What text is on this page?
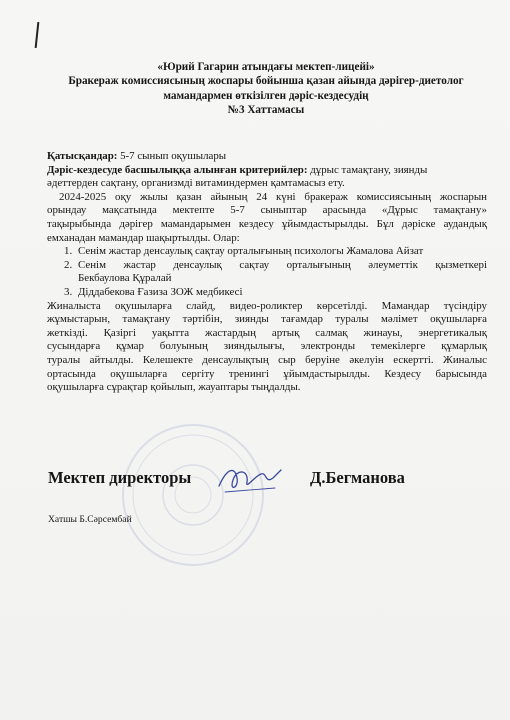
«Юрий Гагарин атындағы мектеп-лицейі»
Бракераж комиссиясының жоспары бойынша қазан айында дәрігер-диетолог
мамандармен өткізілген дәріс-кездесудің
№3 Хаттамасы
Қатысқандар: 5-7 сынып оқушылары
Дәріс-кездесуде басшылыққа алынған критерийлер: дұрыс тамақтану, зиянды
әдеттерден сақтану, организмді витаминдермен қамтамасыз ету.
2024-2025 оқу жылы қазан айының 24 күні бракераж комиссиясының жоспарын
орындау мақсатында мектепте 5-7 сыныптар арасында «Дұрыс тамақтану»
тақырыбында дәрігер мамандарымен кездесу ұйымдастырылды. Бұл дәріске аудандық
емханадан мамандар шақыртылды. Олар:
1. Сенім жастар денсаулық сақтау орталығының психологы Жамалова Айзат
2. Сенім жастар денсаулық сақтау орталығының әлеуметтік қызметкері
Бекбаулова Құралай
3. Діддабекова Ғазиза ЗОЖ медбикесі
Жиналыста оқушыларға слайд, видео-роликтер көрсетілді. Мамандар түсіндіру
жұмыстарын, тамақтану тәртібін, зиянды тағамдар туралы мәлімет оқушыларға
жеткізді. Қазіргі уақытта жастардың артық салмақ жинауы, энергетикалық
сусындарға құмар болуының зияндылығы, электронды темекілерге құмарлық
туралы айтылды. Келешекте денсаулықтың сыр беруіне әкелуін ескертті. Жиналыс
ортасында оқушыларға сергіту тренингі ұйымдастырылды. Кездесу барысында
оқушыларға сұрақтар қойылып, жауаптары тыңдалды.
Мектеп директоры	Д.Бегманова
Хатшы Б.Сәрсембай
